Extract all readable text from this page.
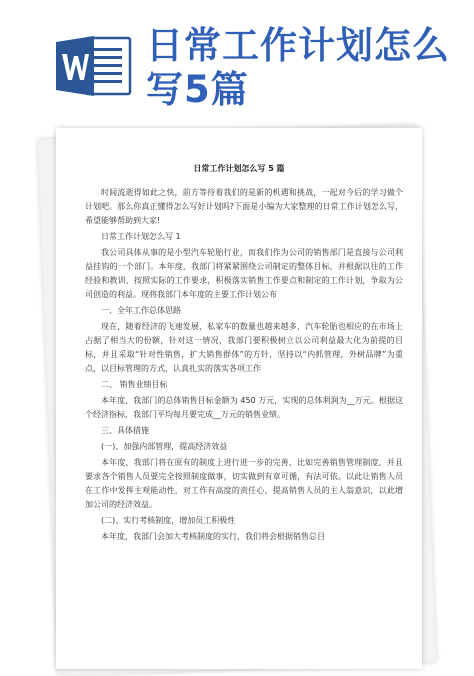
日常工作计划怎么
写5篇
日常工作计划怎么写 5 篇

时间流逝得如此之快，前方等待着我们的是新的机遇和挑战，一起对今后的学习做个计划吧。那么你真正懂得怎么写好计划吗?下面是小编为大家整理的日常工作计划怎么写，希望能够帮助到大家!

日常工作计划怎么写 1

我公司具体从事的是小型汽车轮胎行业，而我们作为公司的销售部门是直接与公司利益挂钩的一个部门。本年度，我部门将紧紧围绕公司制定的整体目标，并根据以往的工作经验和教训，按照实际的工作要求，积极落实销售工作要点和制定的工作计划，争取为公司创造的利益。现将我部门本年度的主要工作计划公布

一、全年工作总体思路

现在，随着经济的飞速发展，私家车的数量也越来越多，汽车轮胎也相应的在市场上占据了相当大的份额，针对这一情况，我部门要积极树立以公司利益最大化为前提的目标，并且采取“针对性销售，扩大销售群体”的方针，坚持以“内抓管理，外树品牌”为重点，以目标管理的方式，认真扎实的落实各项工作

二、 销售业绩目标

本年度，我部门的总体销售目标金额为 450 万元，实现的总体利润为__万元。根据这个经济指标，我部门平均每月要完成__万元的销售业绩。

三、具体措施

(一)、加强内部管理，提高经济效益

本年度，我部门将在原有的制度上进行进一步的完善，比如完善销售管理制度，并且要求各个销售人员要完全按照制度做事，切实做到有章可循，有法可依。以此让销售人员在工作中发挥主观能动性，对工作有高度的责任心，提高销售人员的主人翁意识，以此增加公司的经济效益。

(二)、实行考核制度，增加员工积极性

本年度，我部门会加大考核制度的实行，我们将会根据销售总目
